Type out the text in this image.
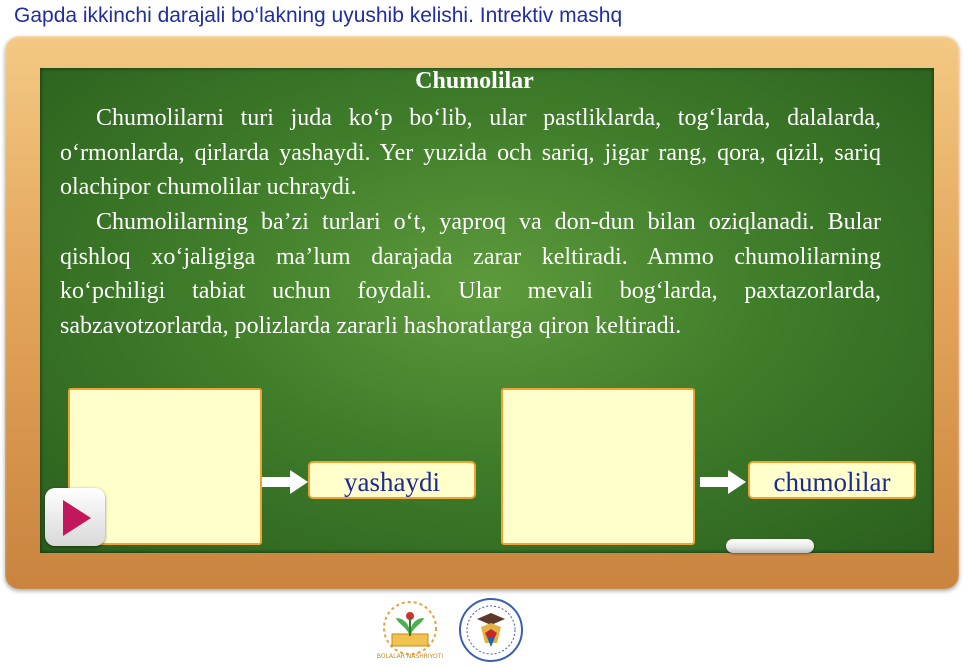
Gapda ikkinchi darajali bo‘lakning uyushib kelishi. Intrektiv mashq
Chumolilar

Chumolilarni turi juda ko‘p bo‘lib, ular pastliklarda, tog‘larda, dalalarda, o‘rmonlarda, qirlarda yashaydi. Yer yuzida och sariq, jigar rang, qora, qizil, sariq olachipor chumolilar uchraydi.

Chumolilarning ba’zi turlari o‘t, yaproq va don-dun bilan oziqlanadi. Bular qishloq xo‘jaligiga ma’lum darajada zarar keltiradi. Ammo chumolilarning ko‘pchiligi tabiat uchun foydali. Ular mevali bog‘larda, paxtazorlarda, sabzavotzorlarda, polizlarda zararli hashoratlarga qiron keltiradi.

yashaydi	chumolilar
BOLALAR NASHRIYOTI
